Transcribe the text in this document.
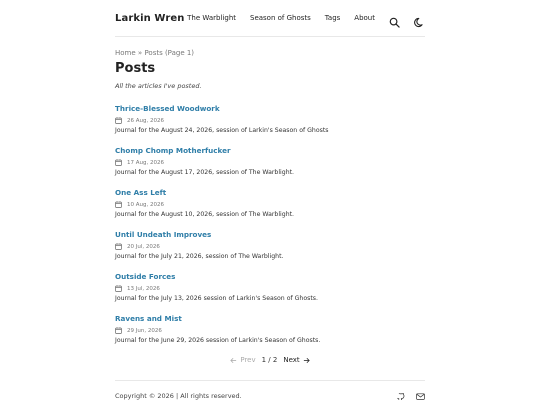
Larkin Wren The Warblight Season of Ghosts Tags About
Home » Posts (Page 1)
Posts
All the articles I've posted.
Thrice-Blessed Woodwork
26 Aug, 2026
Journal for the August 24, 2026, session of Larkin's Season of Ghosts
Chomp Chomp Motherfucker
17 Aug, 2026
Journal for the August 17, 2026, session of The Warblight.
One Ass Left
10 Aug, 2026
Journal for the August 10, 2026, session of The Warblight.
Until Undeath Improves
20 Jul, 2026
Journal for the July 21, 2026, session of The Warblight.
Outside Forces
13 Jul, 2026
Journal for the July 13, 2026 session of Larkin's Season of Ghosts.
Ravens and Mist
29 Jun, 2026
Journal for the June 29, 2026 session of Larkin's Season of Ghosts.
Prev 1 / 2 Next
Copyright © 2026 | All rights reserved.
